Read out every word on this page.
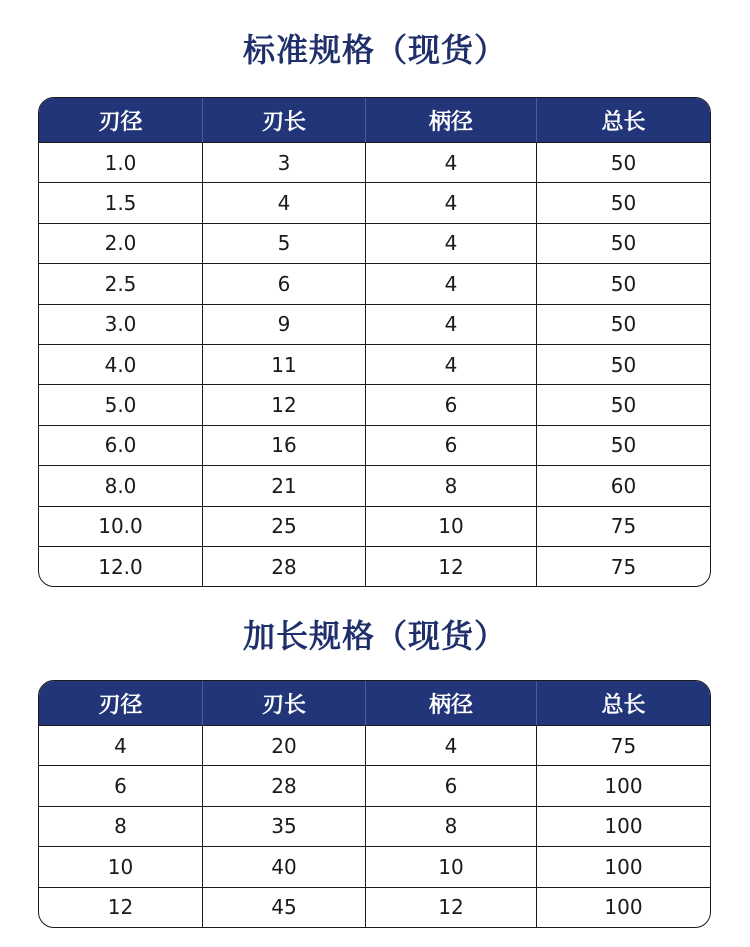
标准规格（现货）
刃径	刃长	柄径	总长
1.0	3	4	50
1.5	4	4	50
2.0	5	4	50
2.5	6	4	50
3.0	9	4	50
4.0	11	4	50
5.0	12	6	50
6.0	16	6	50
8.0	21	8	60
10.0	25	10	75
12.0	28	12	75
加长规格（现货）
刃径	刃长	柄径	总长
4	20	4	75
6	28	6	100
8	35	8	100
10	40	10	100
12	45	12	100
